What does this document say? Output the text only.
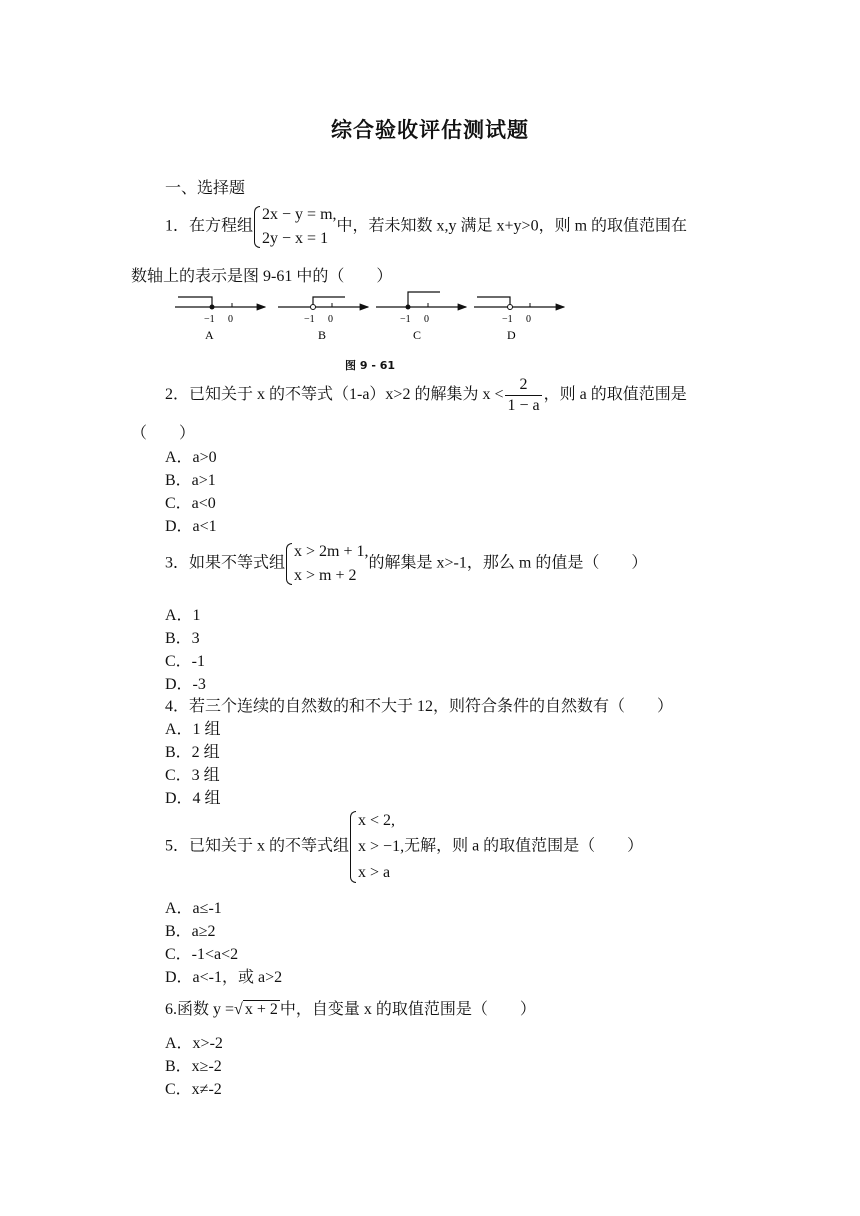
综合验收评估测试题
一、选择题
1．在方程组
2x − y = m,
2y − x = 1
中，若未知数 x,y 满足 x+y>0，则 m 的取值范围在
数轴上的表示是图 9-61 中的（　　）
−1 0
A
−1 0
B
−1 0
C
−1 0
D
图 9 - 61
2．已知关于 x 的不等式（1-a）x>2 的解集为 $x < \frac{2}{1 - a}$ ，则 a 的取值范围是
（　　）
A．a>0
B．a>1
C．a<0
D．a<1
3．如果不等式组
x > 2m + 1,
x > m + 2
的解集是 x>-1，那么 m 的值是（　　）
A．1
B．3
C．-1
D．-3
4．若三个连续的自然数的和不大于 12，则符合条件的自然数有（　　）
A．1 组
B．2 组
C．3 组
D．4 组
5．已知关于 x 的不等式组
x < 2,
x > −1,
x > a
无解，则 a 的取值范围是（　　）
A．a≤-1
B．a≥2
C．-1<a<2
D．a<-1，或 a>2
6.函数 y =√ x + 2 中，自变量 x 的取值范围是（　　）
A．x>-2
B．x≥-2
C．x≠-2
